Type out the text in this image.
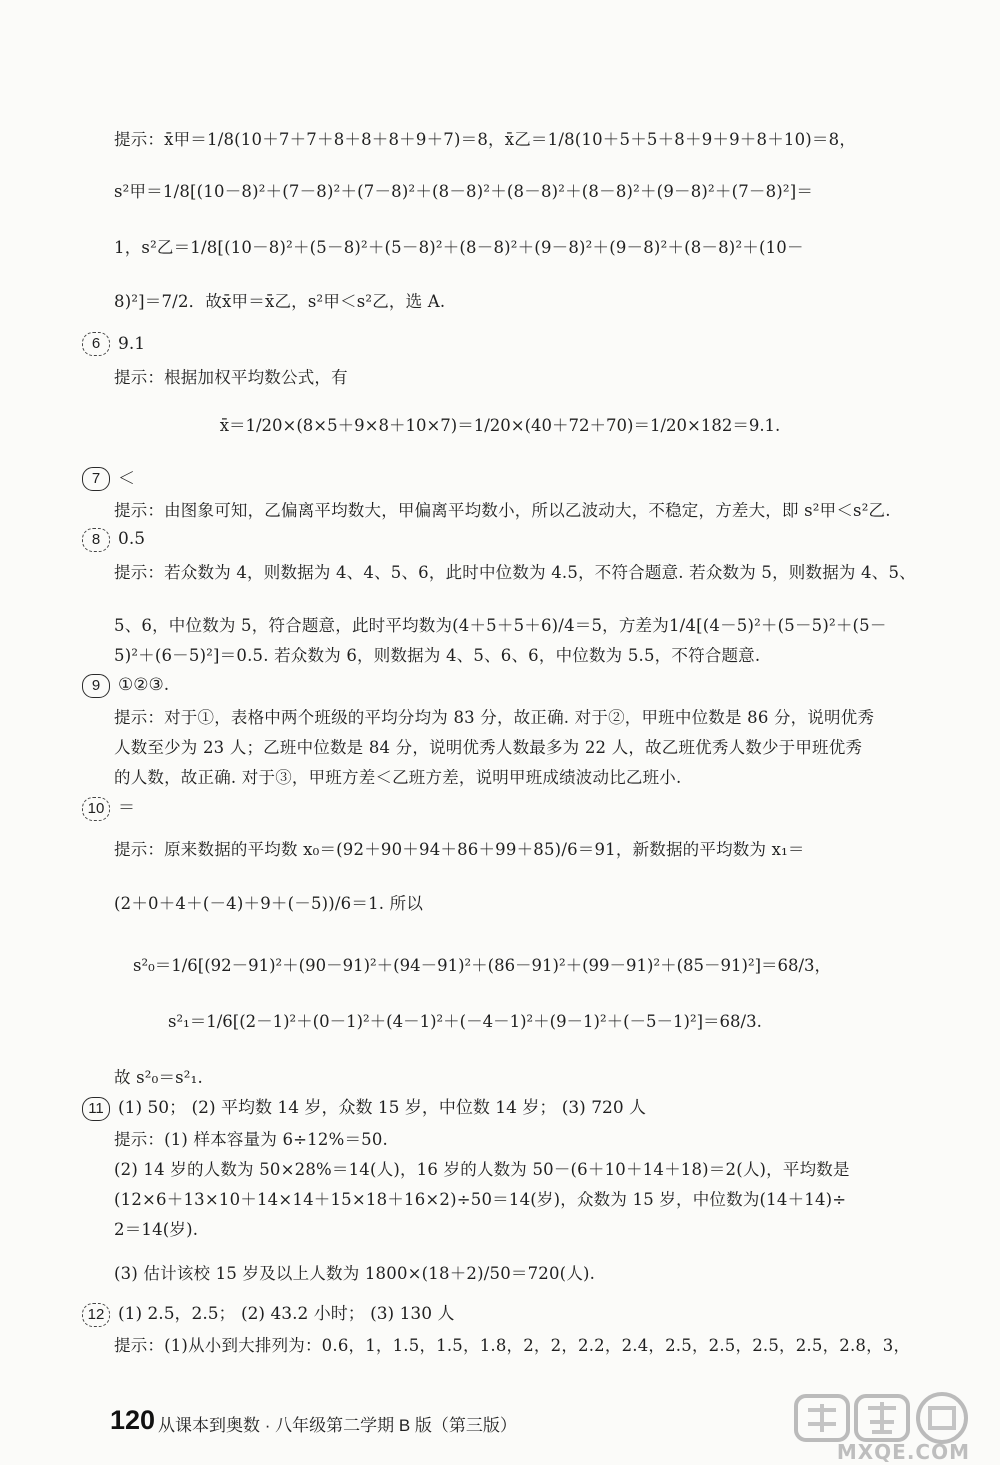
提示：x̄甲＝1/8(10＋7＋7＋8＋8＋8＋9＋7)＝8，x̄乙＝1/8(10＋5＋5＋8＋9＋9＋8＋10)＝8，
s²甲＝1/8[(10－8)²＋(7－8)²＋(7－8)²＋(8－8)²＋(8－8)²＋(8－8)²＋(9－8)²＋(7－8)²]＝
1，s²乙＝1/8[(10－8)²＋(5－8)²＋(5－8)²＋(8－8)²＋(9－8)²＋(9－8)²＋(8－8)²＋(10－
8)²]＝7/2．故x̄甲＝x̄乙，s²甲＜s²乙，选 A.
6	9.1
提示：根据加权平均数公式，有
x̄＝1/20×(8×5＋9×8＋10×7)＝1/20×(40＋72＋70)＝1/20×182＝9.1.
7	＜
提示：由图象可知，乙偏离平均数大，甲偏离平均数小，所以乙波动大，不稳定，方差大，即 s²甲＜s²乙.
8	0.5
提示：若众数为 4，则数据为 4、4、5、6，此时中位数为 4.5，不符合题意. 若众数为 5，则数据为 4、5、
5、6，中位数为 5，符合题意，此时平均数为(4＋5＋5＋6)/4＝5，方差为1/4[(4－5)²＋(5－5)²＋(5－
5)²＋(6－5)²]＝0.5. 若众数为 6，则数据为 4、5、6、6，中位数为 5.5，不符合题意.
9	①②③.
提示：对于①，表格中两个班级的平均分均为 83 分，故正确. 对于②，甲班中位数是 86 分，说明优秀
人数至少为 23 人；乙班中位数是 84 分，说明优秀人数最多为 22 人，故乙班优秀人数少于甲班优秀
的人数，故正确. 对于③，甲班方差＜乙班方差，说明甲班成绩波动比乙班小.
10 ＝
提示：原来数据的平均数 x₀＝(92＋90＋94＋86＋99＋85)/6＝91，新数据的平均数为 x₁＝
(2＋0＋4＋(－4)＋9＋(－5))/6＝1. 所以
s²₀＝1/6[(92－91)²＋(90－91)²＋(94－91)²＋(86－91)²＋(99－91)²＋(85－91)²]＝68/3，
s²₁＝1/6[(2－1)²＋(0－1)²＋(4－1)²＋(－4－1)²＋(9－1)²＋(－5－1)²]＝68/3.
故 s²₀＝s²₁.
11 (1) 50； (2) 平均数 14 岁，众数 15 岁，中位数 14 岁； (3) 720 人
提示：(1) 样本容量为 6÷12%＝50.
(2) 14 岁的人数为 50×28%＝14(人)，16 岁的人数为 50－(6＋10＋14＋18)＝2(人)，平均数是
(12×6＋13×10＋14×14＋15×18＋16×2)÷50＝14(岁)，众数为 15 岁，中位数为(14＋14)÷
2＝14(岁).
(3) 估计该校 15 岁及以上人数为 1800×(18＋2)/50＝720(人).
12 (1) 2.5，2.5； (2) 43.2 小时； (3) 130 人
提示：(1)从小到大排列为：0.6，1，1.5，1.5，1.8，2，2，2.2，2.4，2.5，2.5，2.5，2.5，2.8，3，
120 从课本到奥数 · 八年级第二学期 B 版（第三版）
MXQE.COM
